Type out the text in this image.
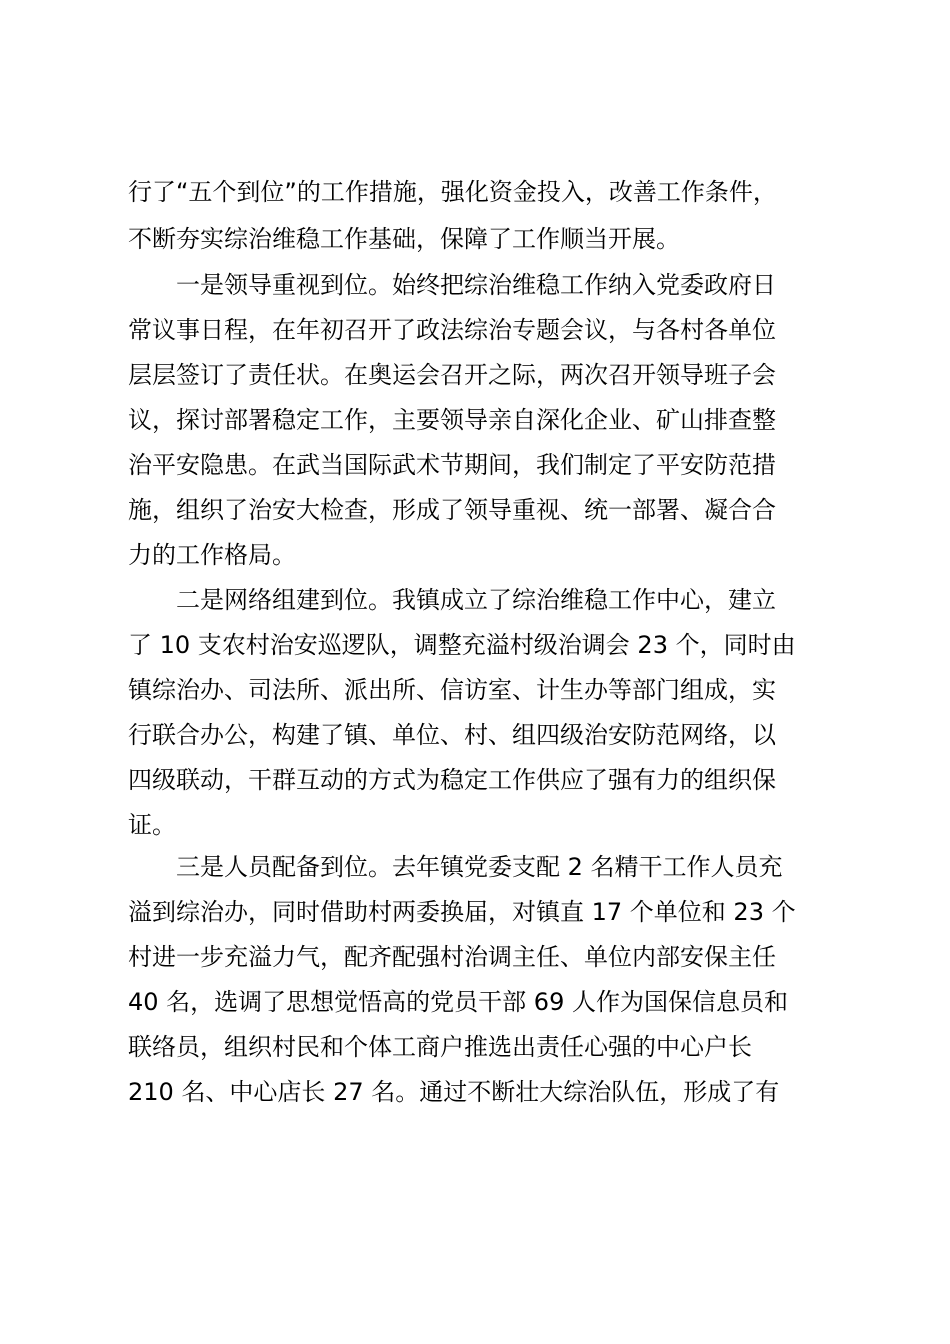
行了“五个到位”的工作措施，强化资金投入，改善工作条件，
不断夯实综治维稳工作基础，保障了工作顺当开展。
一是领导重视到位。始终把综治维稳工作纳入党委政府日
常议事日程，在年初召开了政法综治专题会议，与各村各单位
层层签订了责任状。在奥运会召开之际，两次召开领导班子会
议，探讨部署稳定工作，主要领导亲自深化企业、矿山排查整
治平安隐患。在武当国际武术节期间，我们制定了平安防范措
施，组织了治安大检查，形成了领导重视、统一部署、凝合合
力的工作格局。
二是网络组建到位。我镇成立了综治维稳工作中心，建立
了 10 支农村治安巡逻队，调整充溢村级治调会 23 个，同时由
镇综治办、司法所、派出所、信访室、计生办等部门组成，实
行联合办公，构建了镇、单位、村、组四级治安防范网络，以
四级联动，干群互动的方式为稳定工作供应了强有力的组织保
证。
三是人员配备到位。去年镇党委支配 2 名精干工作人员充
溢到综治办，同时借助村两委换届，对镇直 17 个单位和 23 个
村进一步充溢力气，配齐配强村治调主任、单位内部安保主任
40 名，选调了思想觉悟高的党员干部 69 人作为国保信息员和
联络员，组织村民和个体工商户推选出责任心强的中心户长
210 名、中心店长 27 名。通过不断壮大综治队伍，形成了有
